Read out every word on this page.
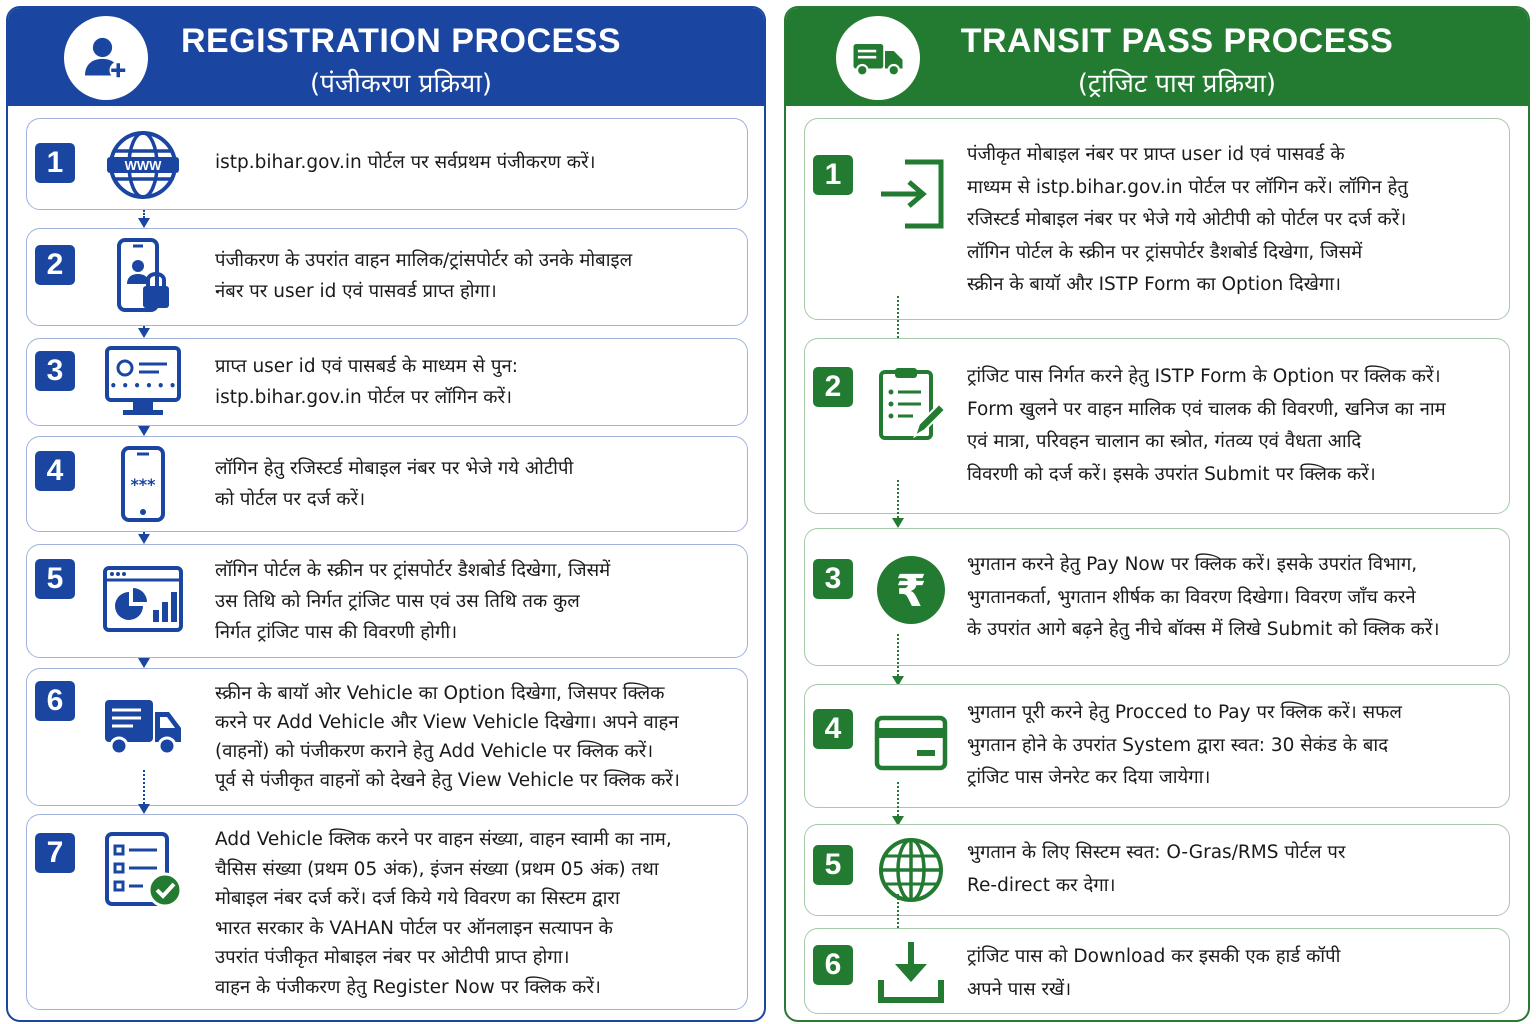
REGISTRATION PROCESS
(पंजीकरण प्रक्रिया)
1	WWW	istp.bihar.gov.in पोर्टल पर सर्वप्रथम पंजीकरण करें।
2	पंजीकरण के उपरांत वाहन मालिक/ट्रांसपोर्टर को उनके मोबाइल
नंबर पर user id एवं पासवर्ड प्राप्त होगा।
3	• • • • • •
प्राप्त user id एवं पासबर्ड के माध्यम से पुन:
istp.bihar.gov.in पोर्टल पर लॉगिन करें।
4	***
लॉगिन हेतु रजिस्टर्ड मोबाइल नंबर पर भेजे गये ओटीपी
को पोर्टल पर दर्ज करें।
5	लॉगिन पोर्टल के स्क्रीन पर ट्रांसपोर्टर डैशबोर्ड दिखेगा, जिसमें
उस तिथि को निर्गत ट्रांजिट पास एवं उस तिथि तक कुल
निर्गत ट्रांजिट पास की विवरणी होगी।
6	स्क्रीन के बायॉ ओर Vehicle का Option दिखेगा, जिसपर क्लिक
करने पर Add Vehicle और View Vehicle दिखेगा। अपने वाहन
(वाहनों) को पंजीकरण कराने हेतु Add Vehicle पर क्लिक करें।
पूर्व से पंजीकृत वाहनों को देखने हेतु View Vehicle पर क्लिक करें।
7	Add Vehicle क्लिक करने पर वाहन संख्या, वाहन स्वामी का नाम,
चैसिस संख्या (प्रथम 05 अंक), इंजन संख्या (प्रथम 05 अंक) तथा
मोबाइल नंबर दर्ज करें। दर्ज किये गये विवरण का सिस्टम द्वारा
भारत सरकार के VAHAN पोर्टल पर ऑनलाइन सत्यापन के
उपरांत पंजीकृत मोबाइल नंबर पर ओटीपी प्राप्त होगा।
वाहन के पंजीकरण हेतु Register Now पर क्लिक करें।
TRANSIT PASS PROCESS
(ट्रांजिट पास प्रक्रिया)
1
पंजीकृत मोबाइल नंबर पर प्राप्त user id एवं पासवर्ड के
माध्यम से istp.bihar.gov.in पोर्टल पर लॉगिन करें। लॉगिन हेतु
रजिस्टर्ड मोबाइल नंबर पर भेजे गये ओटीपी को पोर्टल पर दर्ज करें।
लॉगिन पोर्टल के स्क्रीन पर ट्रांसपोर्टर डैशबोर्ड दिखेगा, जिसमें
स्क्रीन के बायॉ और ISTP Form का Option दिखेगा।
2	ट्रांजिट पास निर्गत करने हेतु ISTP Form के Option पर क्लिक करें।
Form खुलने पर वाहन मालिक एवं चालक की विवरणी, खनिज का नाम
एवं मात्रा, परिवहन चालान का स्त्रोत, गंतव्य एवं वैधता आदि
विवरणी को दर्ज करें। इसके उपरांत Submit पर क्लिक करें।
3 ₹
भुगतान करने हेतु Pay Now पर क्लिक करें। इसके उपरांत विभाग,
भुगतानकर्ता, भुगतान शीर्षक का विवरण दिखेगा। विवरण जॉंच करने
के उपरांत आगे बढ़ने हेतु नीचे बॉक्स में लिखे Submit को क्लिक करें।
4	भुगतान पूरी करने हेतु Procced to Pay पर क्लिक करें। सफल
भुगतान होने के उपरांत System द्वारा स्वत: 30 सेकंड के बाद
ट्रांजिट पास जेनरेट कर दिया जायेगा।
5	भुगतान के लिए सिस्टम स्वत: O-Gras/RMS पोर्टल पर
Re-direct कर देगा।
6	ट्रांजिट पास को Download कर इसकी एक हार्ड कॉपी
अपने पास रखें।
